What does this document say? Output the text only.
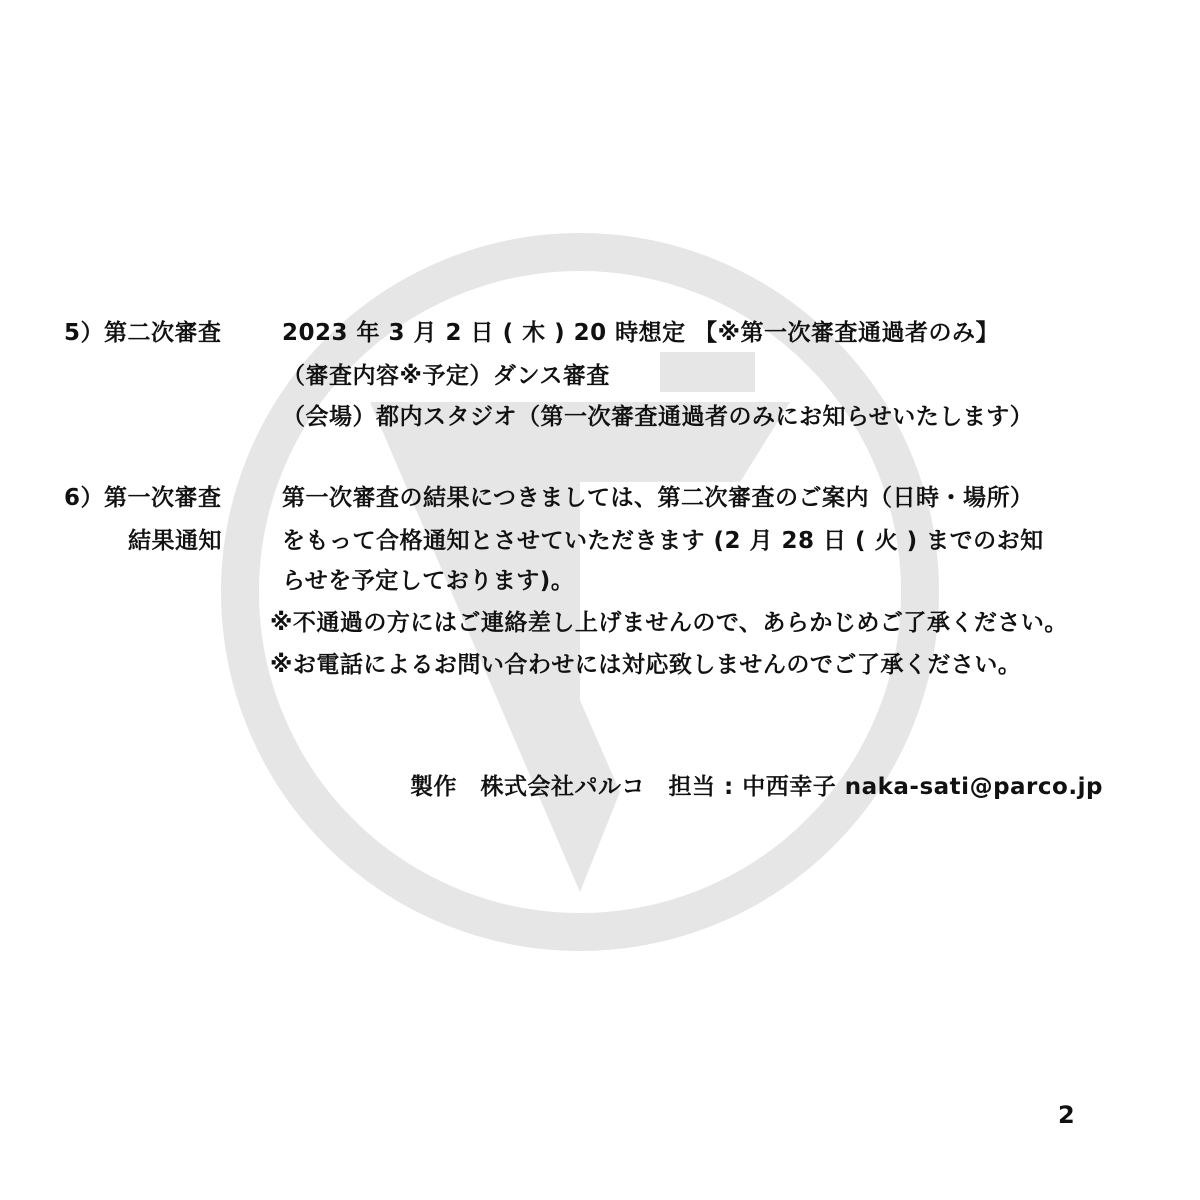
5）第二次審査	2023 年 3 月 2 日 ( 木 ) 20 時想定 【※第一次審査通過者のみ】
（審査内容※予定）ダンス審査
（会場）都内スタジオ（第一次審査通過者のみにお知らせいたします）
6）第一次審査
結果通知
第一次審査の結果につきましては、第二次審査のご案内（日時・場所）
をもって合格通知とさせていただきます (2 月 28 日 ( 火 ) までのお知
らせを予定しております)。
※不通過の方にはご連絡差し上げませんので、あらかじめご了承ください。
※お電話によるお問い合わせには対応致しませんのでご了承ください。
製作　株式会社パルコ　担当 : 中西幸子 naka-sati@parco.jp
2
